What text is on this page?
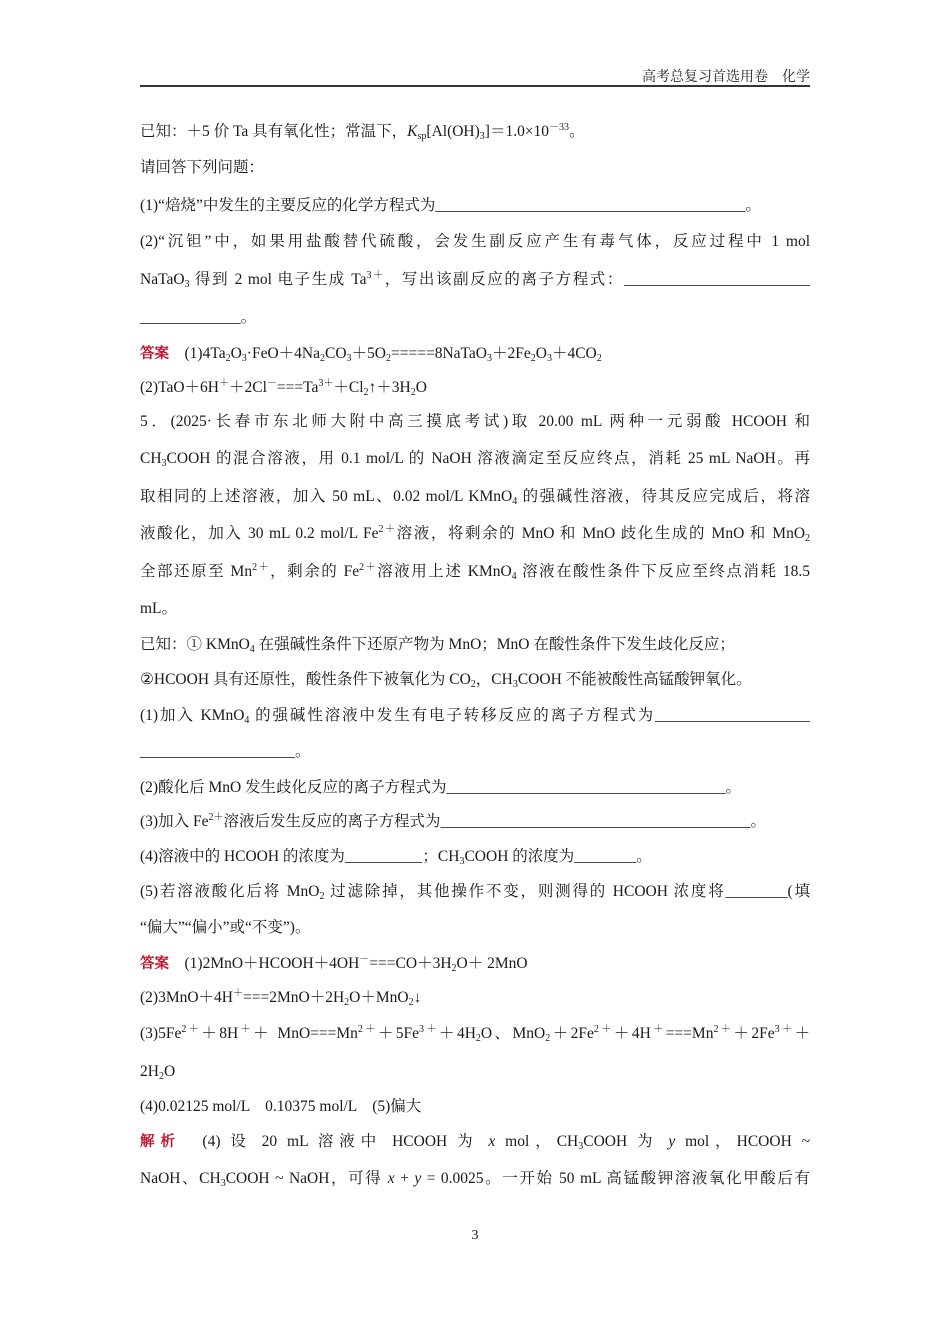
高考总复习首选用卷　化学
已知：＋5 价 Ta 具有氧化性；常温下，$K_{sp}[Al(OH)_3]=1.0\times 10^{-33}$。
请回答下列问题：
(1)“焙烧”中发生的主要反应的化学方程式为________________________________________。
(2)“沉钽”中，如果用盐酸替代硫酸，会发生副反应产生有毒气体，反应过程中 1 mol
NaTaO$_3$ 得到 2 mol 电子生成 $Ta^{3+}$，写出该副反应的离子方程式：________________________
_____________。
答案　$(1)4Ta_2O_3\cdot FeO+4Na_2CO_3+5O_2=====8NaTaO_3+2Fe_2O_3+4CO_2$
$(2)TaO+6H^++2Cl^-===Ta^{3+}+Cl_2↑+3H_2O$
5．(2025·长春市东北师大附中高三摸底考试)取 20.00 mL 两种一元弱酸 HCOOH 和
$CH_3COOH$ 的混合溶液，用 0.1 mol/L 的 NaOH 溶液滴定至反应终点，消耗 25 mL NaOH。再
取相同的上述溶液，加入 50 mL、0.02 mol/L KMnO$_4$ 的强碱性溶液，待其反应完成后，将溶
液酸化，加入 30 mL 0.2 mol/L $Fe^{2+}$溶液，将剩余的 MnO 和 MnO 歧化生成的 MnO 和 MnO$_2$
全部还原至 $Mn^{2+}$，剩余的 $Fe^{2+}$溶液用上述 KMnO$_4$ 溶液在酸性条件下反应至终点消耗 18.5
mL。
已知：① KMnO$_4$ 在强碱性条件下还原产物为 MnO；MnO 在酸性条件下发生歧化反应；
②HCOOH 具有还原性，酸性条件下被氧化为 $CO_2$，$CH_3COOH$ 不能被酸性高锰酸钾氧化。
(1)加入 KMnO$_4$ 的强碱性溶液中发生有电子转移反应的离子方程式为____________________
____________________。
(2)酸化后 MnO 发生歧化反应的离子方程式为____________________________________。
(3)加入 $Fe^{2+}$溶液后发生反应的离子方程式为________________________________________。
(4)溶液中的 HCOOH 的浓度为__________；$CH_3COOH$ 的浓度为________。
(5)若溶液酸化后将 MnO$_2$ 过滤除掉，其他操作不变，则测得的 HCOOH 浓度将________(填
“偏大”“偏小”或“不变”)。
答案　$(1)2MnO+HCOOH+4OH^-===CO+3H_2O+ 2MnO$
$(2)3MnO+4H^+===2MnO+2H_2O+MnO_2↓$
$(3)5Fe^{2+}+8H^++ MnO===Mn^{2+}+5Fe^{3+}+4H_2O$、$MnO_2+2Fe^{2+}+4H^+===Mn^{2+}+2Fe^{3+}+$
$2H_2O$
(4)0.02125 mol/L　0.10375 mol/L　(5)偏大
解析　(4) 设 20 mL 溶液中 HCOOH 为 x mol，$CH_3COOH$ 为 y mol，HCOOH ~
NaOH、$CH_3COOH$ ~ NaOH，可得 x + y = 0.0025。一开始 50 mL 高锰酸钾溶液氧化甲酸后有
3
